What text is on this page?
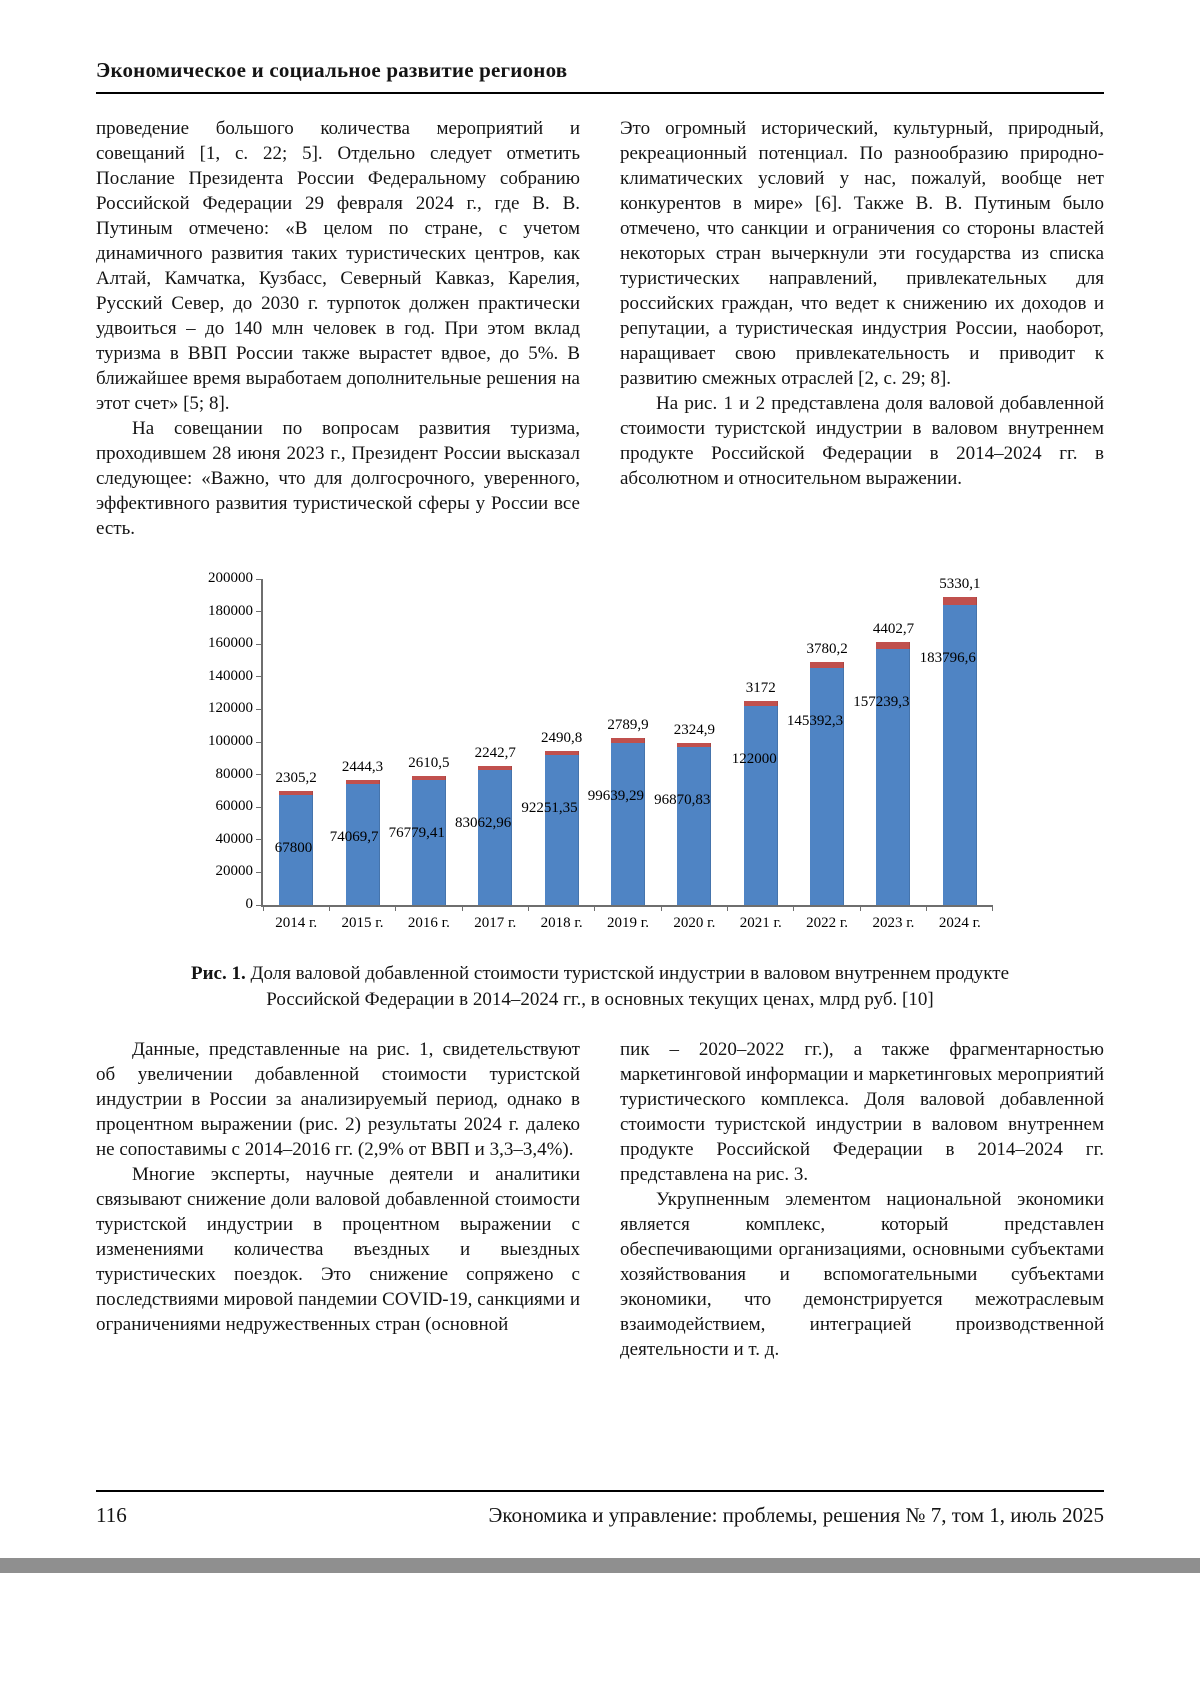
Экономическое и социальное развитие регионов

проведение большого количества мероприятий и совещаний [1, с. 22; 5]. Отдельно следует отметить Послание Президента России Федеральному собранию Российской Федерации 29 февраля 2024 г., где В. В. Путиным отмечено: «В целом по стране, с учетом динамичного развития таких туристических центров, как Алтай, Камчатка, Кузбасс, Северный Кавказ, Карелия, Русский Север, до 2030 г. турпоток должен практически удвоиться – до 140 млн человек в год. При этом вклад туризма в ВВП России также вырастет вдвое, до 5%. В ближайшее время выработаем дополнительные решения на этот счет» [5; 8].

На совещании по вопросам развития туризма, проходившем 28 июня 2023 г., Президент России высказал следующее: «Важно, что для долгосрочного, уверенного, эффективного развития туристической сферы у России все есть.

Это огромный исторический, культурный, природный, рекреационный потенциал. По разнообразию природно-климатических условий у нас, пожалуй, вообще нет конкурентов в мире» [6]. Также В. В. Путиным было отмечено, что санкции и ограничения со стороны властей некоторых стран вычеркнули эти государства из списка туристических направлений, привлекательных для российских граждан, что ведет к снижению их доходов и репутации, а туристическая индустрия России, наоборот, наращивает свою привлекательность и приводит к развитию смежных отраслей [2, с. 29; 8].

На рис. 1 и 2 представлена доля валовой добавленной стоимости туристской индустрии в валовом внутреннем продукте Российской Федерации в 2014–2024 гг. в абсолютном и относительном выражении.

0
20000
40000
60000
80000
100000
120000
140000
160000
180000
200000
2305,2
67800
2014 г.
2444,3
74069,7
2015 г.
2610,5
76779,41
2016 г.
2242,7
83062,96
2017 г.
2490,8
92251,35
2018 г.
2789,9
99639,29
2019 г.
2324,9
96870,83
2020 г.
3172
122000
2021 г.
3780,2
145392,3
2022 г.
4402,7
157239,3
2023 г.
5330,1
183796,6
2024 г.

Рис. 1. Доля валовой добавленной стоимости туристской индустрии в валовом внутреннем продукте Российской Федерации в 2014–2024 гг., в основных текущих ценах, млрд руб. [10]

Данные, представленные на рис. 1, свидетельствуют об увеличении добавленной стоимости туристской индустрии в России за анализируемый период, однако в процентном выражении (рис. 2) результаты 2024 г. далеко не сопоставимы с 2014–2016 гг. (2,9% от ВВП и 3,3–3,4%).

Многие эксперты, научные деятели и аналитики связывают снижение доли валовой добавленной стоимости туристской индустрии в процентном выражении с изменениями количества въездных и выездных туристических поездок. Это снижение сопряжено с последствиями мировой пандемии COVID-19, санкциями и ограничениями недружественных стран (основной

пик – 2020–2022 гг.), а также фрагментарностью маркетинговой информации и маркетинговых мероприятий туристического комплекса. Доля валовой добавленной стоимости туристской индустрии в валовом внутреннем продукте Российской Федерации в 2014–2024 гг. представлена на рис. 3.

Укрупненным элементом национальной экономики является комплекс, который представлен обеспечивающими организациями, основными субъектами хозяйствования и вспомогательными субъектами экономики, что демонстрируется межотраслевым взаимодействием, интеграцией производственной деятельности и т. д.

116	Экономика и управление: проблемы, решения № 7, том 1, июль 2025
